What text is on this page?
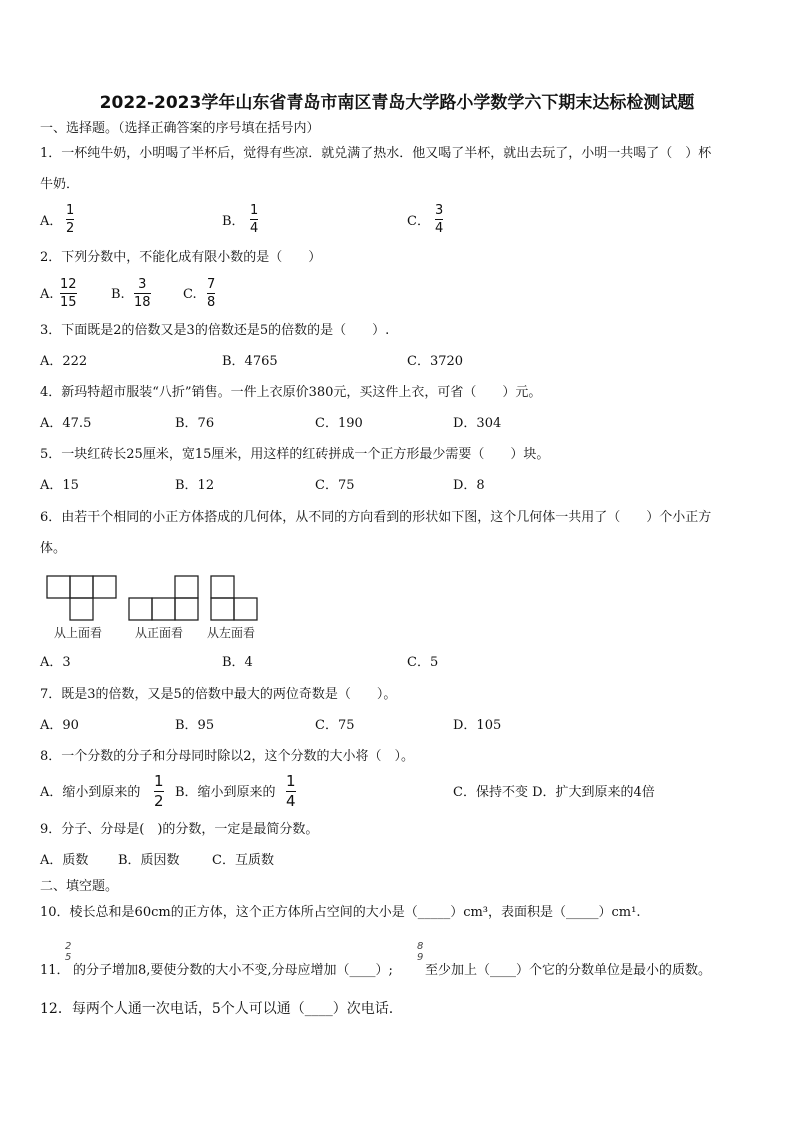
2022-2023学年山东省青岛市南区青岛大学路小学数学六下期末达标检测试题
一、选择题。（选择正确答案的序号填在括号内）
1．一杯纯牛奶，小明喝了半杯后，觉得有些凉．就兑满了热水．他又喝了半杯，就出去玩了，小明一共喝了（　）杯
牛奶．
A．
1
2	B．
1
4	C．
3
4
2．下列分数中，不能化成有限小数的是（　　）
A.
12
15
B.
3
18
C.
7
8
3．下面既是2的倍数又是3的倍数还是5的倍数的是（　　）.
A．222	B．4765	C．3720
4．新玛特超市服装“八折”销售。一件上衣原价380元，买这件上衣，可省（　　）元。
A．47.5	B．76	C．190	D．304
5．一块红砖长25厘米，宽15厘米，用这样的红砖拼成一个正方形最少需要（　　）块。
A．15	B．12	C．75	D．8
6．由若干个相同的小正方体搭成的几何体，从不同的方向看到的形状如下图，这个几何体一共用了（　　）个小正方
体。
从上面看	从正面看 从左面看
A．3	B．4	C．5
7．既是3的倍数，又是5的倍数中最大的两位奇数是（　　）。
A．90	B．95	C．75	D．105
8．一个分数的分子和分母同时除以2，这个分数的大小将（　）。
A．缩小到原来的
1
2 B．缩小到原来的
1
4	C．保持不变 D．扩大到原来的4倍
9．分子、分母是(　)的分数，一定是最简分数。
A．质数 B．质因数 C．互质数
二、填空题。
10．棱长总和是60cm的正方体，这个正方体所占空间的大小是（_____）cm³，表面积是（_____）cm¹.
11．
2
5
的分子增加8,要使分数的大小不变,分母应增加（____）;
8
9
至少加上（____）个它的分数单位是最小的质数。
12．每两个人通一次电话，5个人可以通（____）次电话.
